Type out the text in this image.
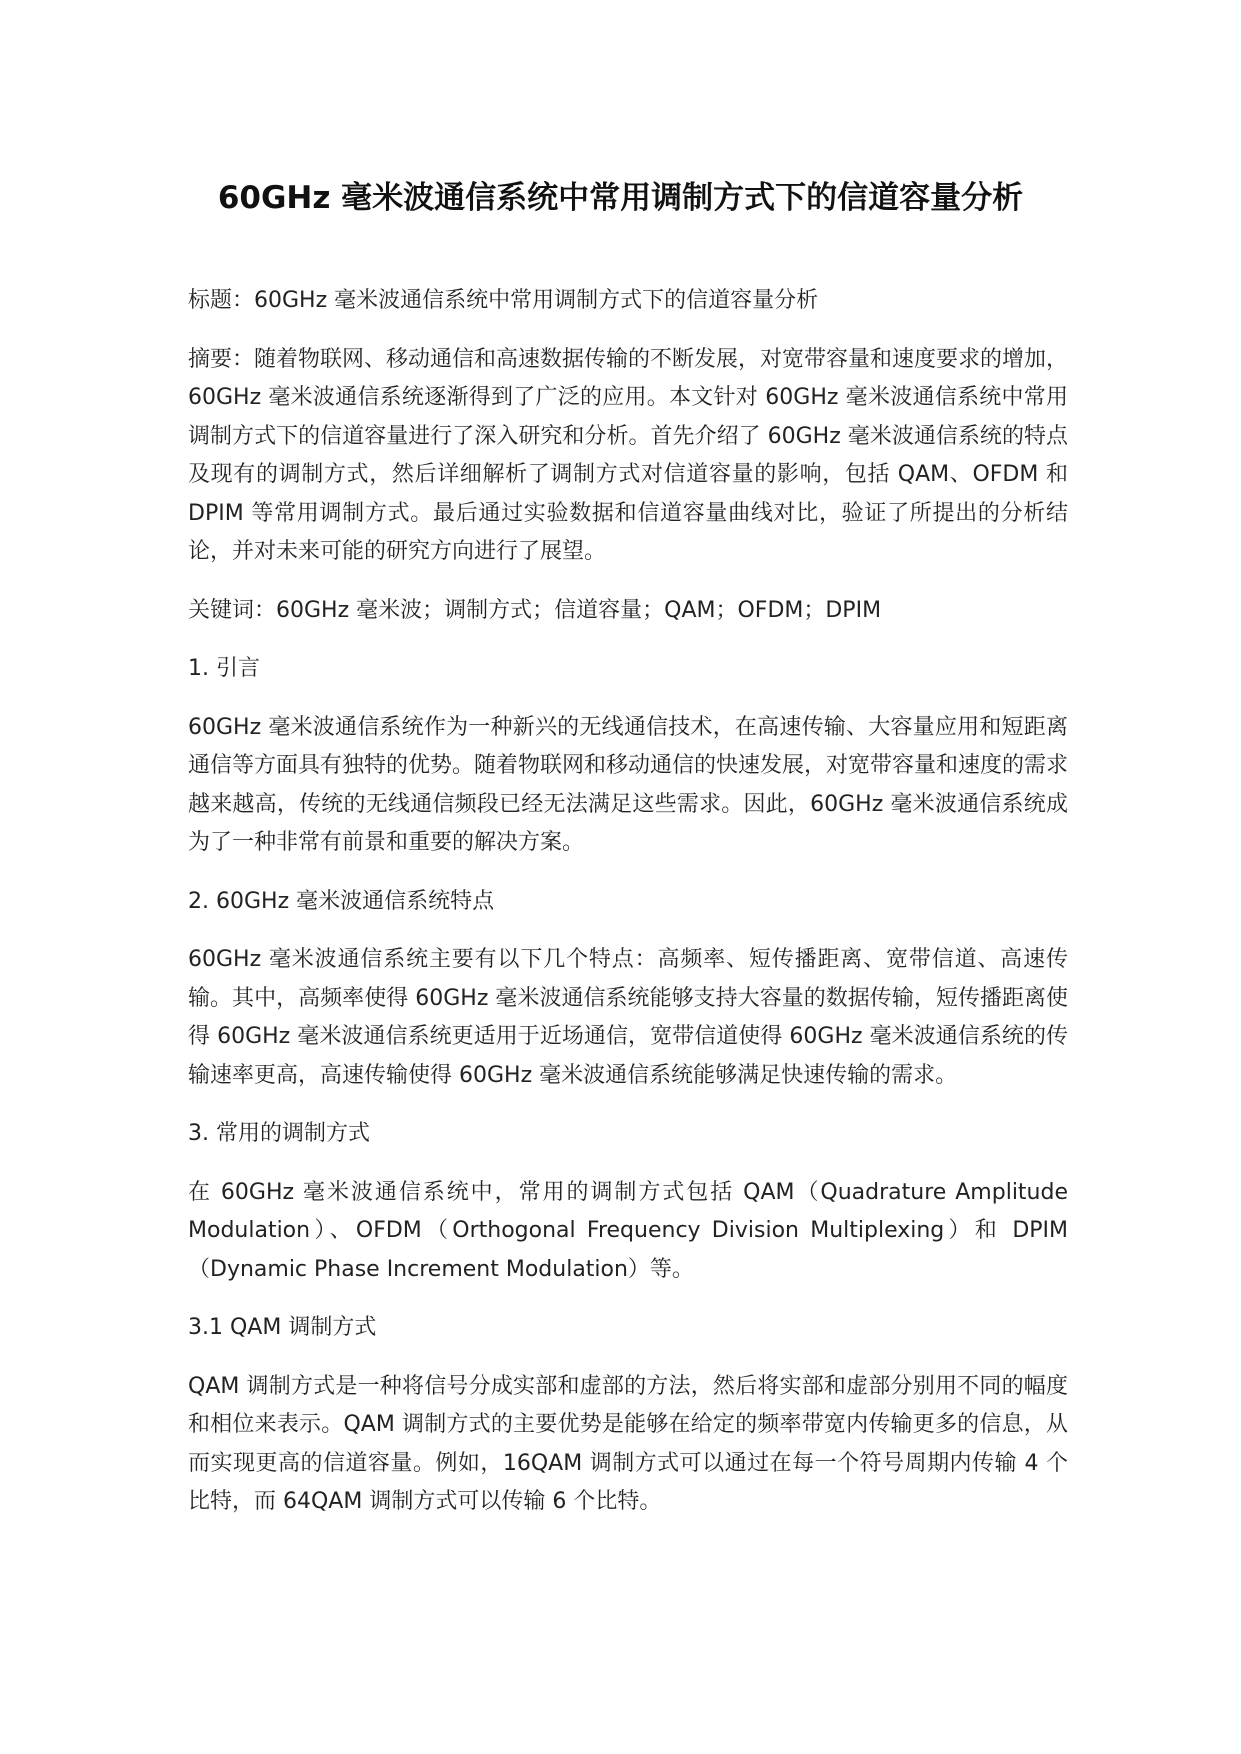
60GHz 毫米波通信系统中常用调制方式下的信道容量分析

标题：60GHz 毫米波通信系统中常用调制方式下的信道容量分析

摘要：随着物联网、移动通信和高速数据传输的不断发展，对宽带容量和速度要求的增加，60GHz 毫米波通信系统逐渐得到了广泛的应用。本文针对 60GHz 毫米波通信系统中常用调制方式下的信道容量进行了深入研究和分析。首先介绍了 60GHz 毫米波通信系统的特点及现有的调制方式，然后详细解析了调制方式对信道容量的影响，包括 QAM、OFDM 和 DPIM 等常用调制方式。最后通过实验数据和信道容量曲线对比，验证了所提出的分析结论，并对未来可能的研究方向进行了展望。

关键词：60GHz 毫米波；调制方式；信道容量；QAM；OFDM；DPIM

1. 引言

60GHz 毫米波通信系统作为一种新兴的无线通信技术，在高速传输、大容量应用和短距离通信等方面具有独特的优势。随着物联网和移动通信的快速发展，对宽带容量和速度的需求越来越高，传统的无线通信频段已经无法满足这些需求。因此，60GHz 毫米波通信系统成为了一种非常有前景和重要的解决方案。

2. 60GHz 毫米波通信系统特点

60GHz 毫米波通信系统主要有以下几个特点：高频率、短传播距离、宽带信道、高速传输。其中，高频率使得 60GHz 毫米波通信系统能够支持大容量的数据传输，短传播距离使得 60GHz 毫米波通信系统更适用于近场通信，宽带信道使得 60GHz 毫米波通信系统的传输速率更高，高速传输使得 60GHz 毫米波通信系统能够满足快速传输的需求。

3. 常用的调制方式

在 60GHz 毫米波通信系统中，常用的调制方式包括 QAM（Quadrature Amplitude Modulation）、OFDM（Orthogonal Frequency Division Multiplexing）和 DPIM（Dynamic Phase Increment Modulation）等。

3.1 QAM 调制方式

QAM 调制方式是一种将信号分成实部和虚部的方法，然后将实部和虚部分别用不同的幅度和相位来表示。QAM 调制方式的主要优势是能够在给定的频率带宽内传输更多的信息，从而实现更高的信道容量。例如，16QAM 调制方式可以通过在每一个符号周期内传输 4 个比特，而 64QAM 调制方式可以传输 6 个比特。
